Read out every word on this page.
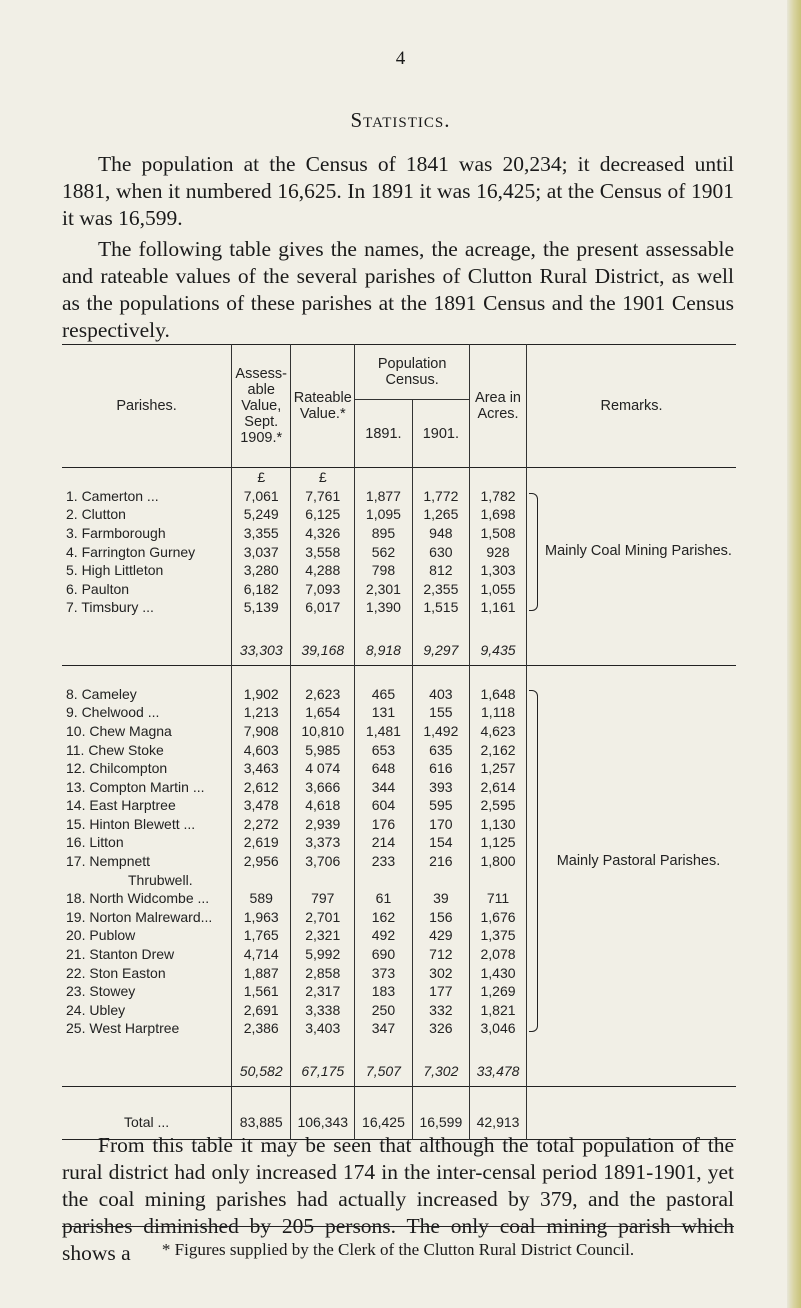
4
Statistics.

The population at the Census of 1841 was 20,234; it decreased until 1881, when it numbered 16,625. In 1891 it was 16,425; at the Census of 1901 it was 16,599.

The following table gives the names, the acreage, the present assessable and rateable values of the several parishes of Clutton Rural District, as well as the populations of these parishes at the 1891 Census and the 1901 Census respectively.

Parishes.	Assess-able Value, Sept. 1909.*	Rateable Value.*	Population Census.		Area in Acres.	Remarks.
			1891.	1901.		
	£	£				
1. Camerton ...	7,061	7,761	1,877	1,772	1,782	Mainly Coal Mining Parishes.

2. Clutton	5,249	6,125	1,095	1,265	1,698	
3. Farmborough	3,355	4,326	895	948	1,508	
4. Farrington Gurney	3,037	3,558	562	630	928	
5. High Littleton	3,280	4,288	798	812	1,303	
6. Paulton	6,182	7,093	2,301	2,355	1,055	
7. Timsbury ...	5,139	6,017	1,390	1,515	1,161	

	33,303	39,168	8,918	9,297	9,435	

8. Cameley	1,902	2,623	465	403	1,648	Mainly Pastoral Parishes.

9. Chelwood ...	1,213	1,654	131	155	1,118	
10. Chew Magna	7,908	10,810	1,481	1,492	4,623	
11. Chew Stoke	4,603	5,985	653	635	2,162	
12. Chilcompton	3,463	4 074	648	616	1,257	
13. Compton Martin ...	2,612	3,666	344	393	2,614	
14. East Harptree	3,478	4,618	604	595	2,595	
15. Hinton Blewett ...	2,272	2,939	176	170	1,130	
16. Litton	2,619	3,373	214	154	1,125	
17. Nempnett	2,956	3,706	233	216	1,800	
Thrubwell.						
18. North Widcombe ...	589	797	61	39	711	
19. Norton Malreward...	1,963	2,701	162	156	1,676	
20. Publow	1,765	2,321	492	429	1,375	
21. Stanton Drew	4,714	5,992	690	712	2,078	
22. Ston Easton	1,887	2,858	373	302	1,430	
23. Stowey	1,561	2,317	183	177	1,269	
24. Ubley	2,691	3,338	250	332	1,821	
25. West Harptree	2,386	3,403	347	326	3,046	

	50,582	67,175	7,507	7,302	33,478	

Total ...	83,885	106,343	16,425	16,599	42,913	

From this table it may be seen that although the total population of the rural district had only increased 174 in the inter-censal period 1891-1901, yet the coal mining parishes had actually increased by 379, and the pastoral parishes diminished by 205 persons. The only coal mining parish which shows a	* Figures supplied by the Clerk of the Clutton Rural District Council.
